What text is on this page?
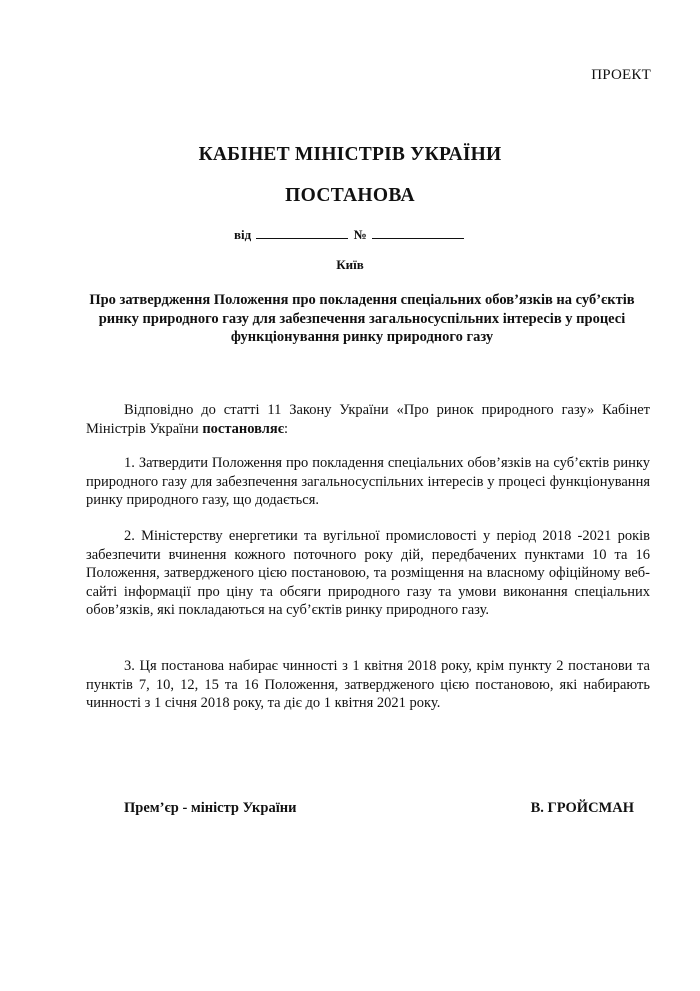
ПРОЕКТ
КАБІНЕТ МІНІСТРІВ УКРАЇНИ
ПОСТАНОВА
від	№
Київ
Про затвердження Положення про покладення спеціальних обов’язків на суб’єктів ринку природного газу для забезпечення загальносуспільних інтересів у процесі функціонування ринку природного газу
Відповідно до статті 11 Закону України «Про ринок природного газу» Кабінет Міністрів України постановляє:
1. Затвердити Положення про покладення спеціальних обов’язків на суб’єктів ринку природного газу для забезпечення загальносуспільних інтересів у процесі функціонування ринку природного газу, що додається.
2. Міністерству енергетики та вугільної промисловості у період 2018 -2021 років забезпечити вчинення кожного поточного року дій, передбачених пунктами 10 та 16 Положення, затвердженого цією постановою, та розміщення на власному офіційному веб-сайті інформації про ціну та обсяги природного газу та умови виконання спеціальних обов’язків, які покладаються на суб’єктів ринку природного газу.
3. Ця постанова набирає чинності з 1 квітня 2018 року, крім пункту 2 постанови та пунктів 7, 10, 12, 15 та 16 Положення, затвердженого цією постановою, які набирають чинності з 1 січня 2018 року, та діє до 1 квітня 2021 року.
Прем’єр - міністр України	В. ГРОЙСМАН
